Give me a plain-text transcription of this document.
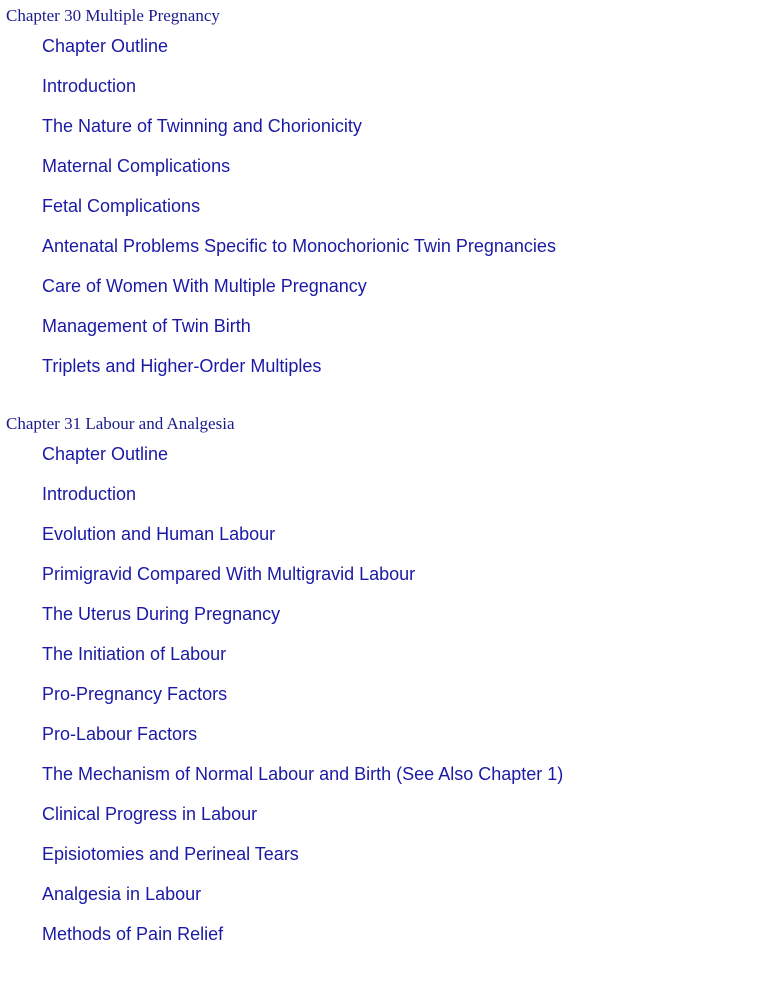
Chapter 30 Multiple Pregnancy
Chapter Outline
Introduction
The Nature of Twinning and Chorionicity
Maternal Complications
Fetal Complications
Antenatal Problems Specific to Monochorionic Twin Pregnancies
Care of Women With Multiple Pregnancy
Management of Twin Birth
Triplets and Higher-Order Multiples
Chapter 31 Labour and Analgesia
Chapter Outline
Introduction
Evolution and Human Labour
Primigravid Compared With Multigravid Labour
The Uterus During Pregnancy
The Initiation of Labour
Pro-Pregnancy Factors
Pro-Labour Factors
The Mechanism of Normal Labour and Birth (See Also Chapter 1)
Clinical Progress in Labour
Episiotomies and Perineal Tears
Analgesia in Labour
Methods of Pain Relief
